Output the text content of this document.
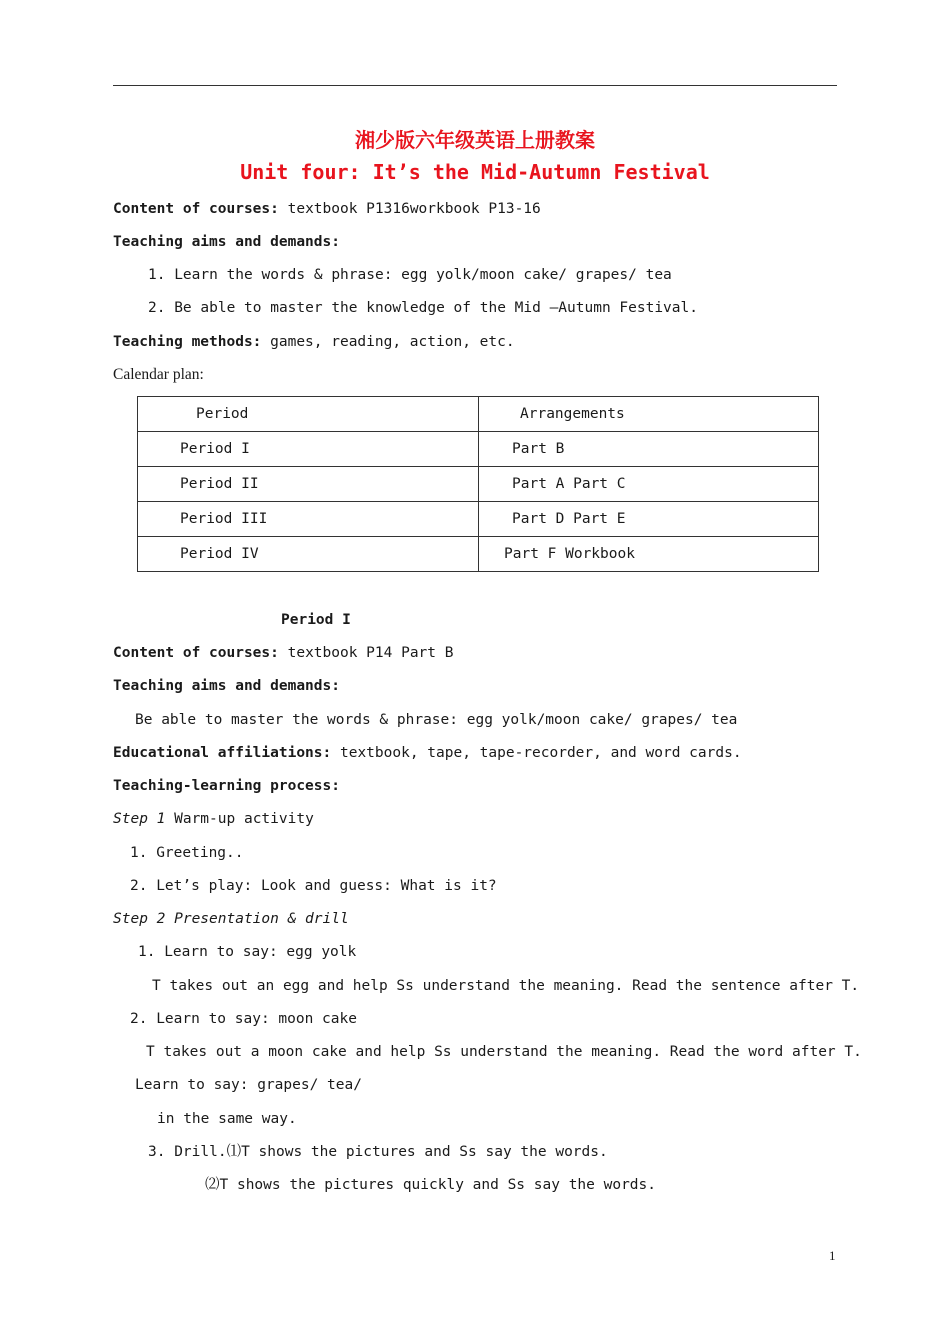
湘少版六年级英语上册教案
Unit four: It’s the Mid-Autumn Festival
Content of courses: textbook P1316workbook P13-16
Teaching aims and demands:
1. Learn the words & phrase: egg yolk/moon cake/ grapes/ tea
2. Be able to master the knowledge of the Mid –Autumn Festival.
Teaching methods: games, reading, action, etc.
Calendar plan:
Period	Arrangements
Period I	Part B
Period II	Part A Part C
Period III	Part D Part E
Period IV	Part F Workbook
Period I
Content of courses: textbook P14 Part B
Teaching aims and demands:
Be able to master the words & phrase: egg yolk/moon cake/ grapes/ tea
Educational affiliations: textbook, tape, tape-recorder, and word cards.
Teaching-learning process:
Step 1 Warm-up activity
1. Greeting..
2. Let’s play: Look and guess: What is it?
Step 2 Presentation & drill
1. Learn to say: egg yolk
T takes out an egg and help Ss understand the meaning. Read the sentence after T.
2. Learn to say: moon cake
T takes out a moon cake and help Ss understand the meaning. Read the word after T.
Learn to say: grapes/ tea/
in the same way.
3. Drill.⑴T shows the pictures and Ss say the words.
⑵T shows the pictures quickly and Ss say the words.
1
